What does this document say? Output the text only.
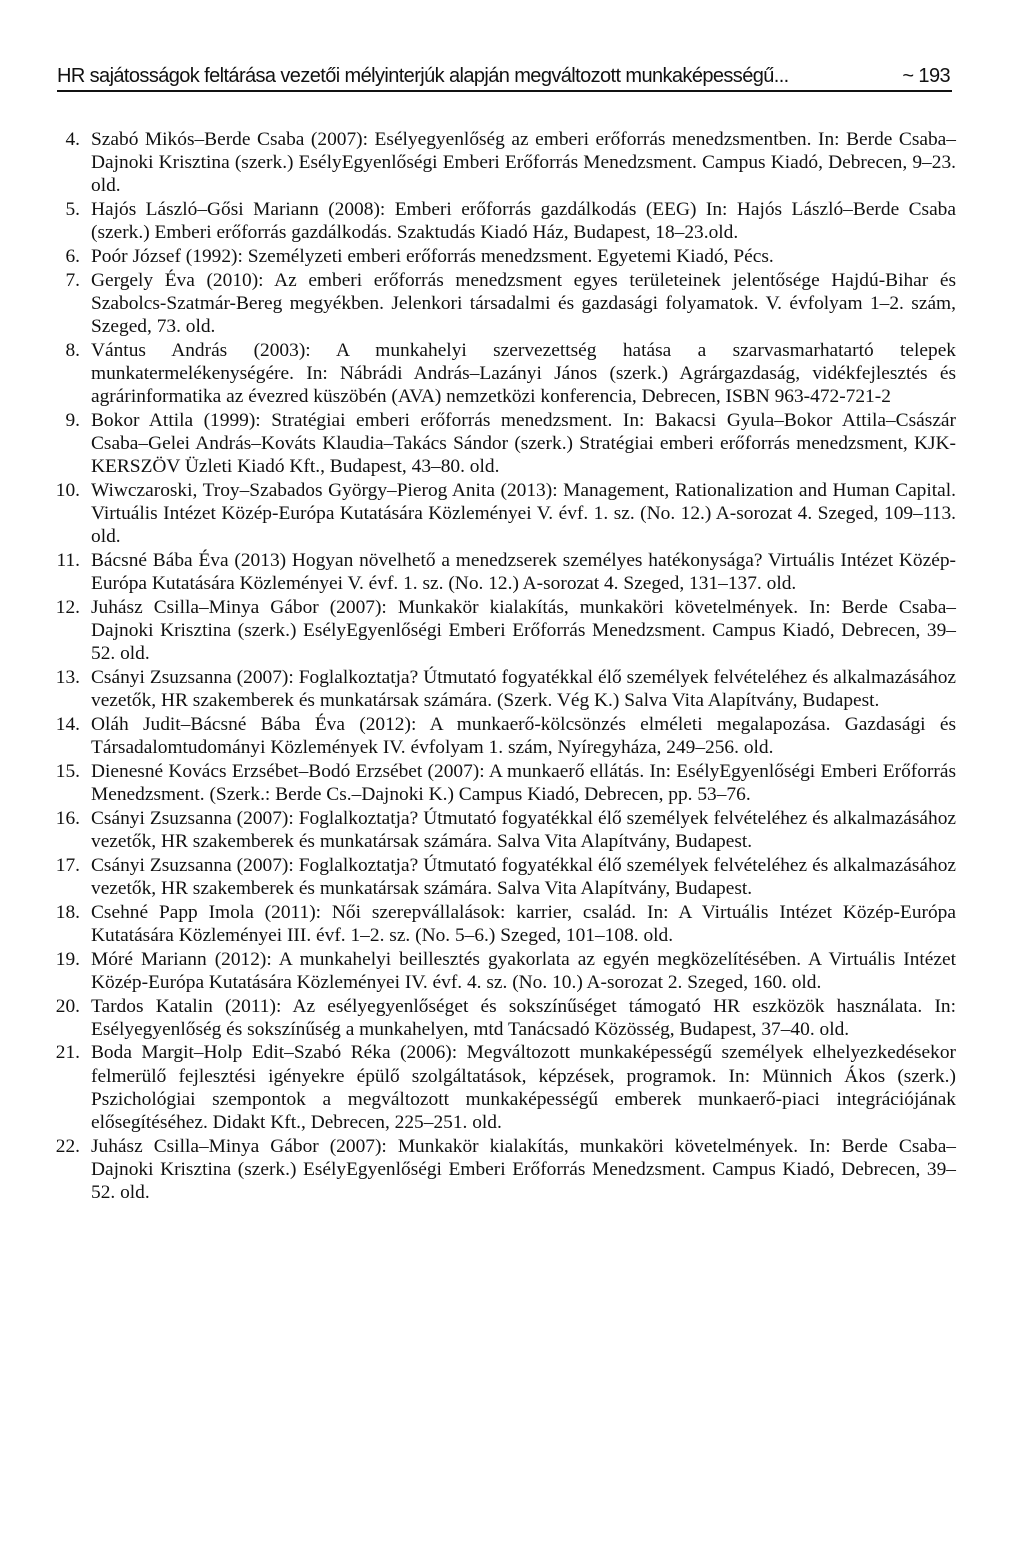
HR sajátosságok feltárása vezetői mélyinterjúk alapján megváltozott munkaképességű...	~ 193
4. Szabó Mikós–Berde Csaba (2007): Esélyegyenlőség az emberi erőforrás menedzsmentben. In: Berde Csaba–Dajnoki Krisztina (szerk.) EsélyEgyenlőségi Emberi Erőforrás Menedzsment. Campus Kiadó, Debrecen, 9–23. old.
5. Hajós László–Gősi Mariann (2008): Emberi erőforrás gazdálkodás (EEG) In: Hajós László–Berde Csaba (szerk.) Emberi erőforrás gazdálkodás. Szaktudás Kiadó Ház, Budapest, 18–23.old.
6. Poór József (1992): Személyzeti emberi erőforrás menedzsment. Egyetemi Kiadó, Pécs.
7. Gergely Éva (2010): Az emberi erőforrás menedzsment egyes területeinek jelentősége Hajdú-Bihar és Szabolcs-Szatmár-Bereg megyékben. Jelenkori társadalmi és gazdasági folyamatok. V. évfolyam 1–2. szám, Szeged, 73. old.
8. Vántus András (2003): A munkahelyi szervezettség hatása a szarvasmarhatartó telepek munkatermelékenységére. In: Nábrádi András–Lazányi János (szerk.) Agrárgazdaság, vidékfejlesztés és agrárinformatika az évezred küszöbén (AVA) nemzetközi konferencia, Debrecen, ISBN 963-472-721-2
9. Bokor Attila (1999): Stratégiai emberi erőforrás menedzsment. In: Bakacsi Gyula–Bokor Attila–Császár Csaba–Gelei András–Kováts Klaudia–Takács Sándor (szerk.) Stratégiai emberi erőforrás menedzsment, KJK-KERSZÖV Üzleti Kiadó Kft., Budapest, 43–80. old.
10. Wiwczaroski, Troy–Szabados György–Pierog Anita (2013): Management, Rationalization and Human Capital. Virtuális Intézet Közép-Európa Kutatására Közleményei V. évf. 1. sz. (No. 12.) A-sorozat 4. Szeged, 109–113. old.
11. Bácsné Bába Éva (2013) Hogyan növelhető a menedzserek személyes hatékonysága? Virtuális Intézet Közép-Európa Kutatására Közleményei V. évf. 1. sz. (No. 12.) A-sorozat 4. Szeged, 131–137. old.
12. Juhász Csilla–Minya Gábor (2007): Munkakör kialakítás, munkaköri követelmények. In: Berde Csaba–Dajnoki Krisztina (szerk.) EsélyEgyenlőségi Emberi Erőforrás Menedzsment. Campus Kiadó, Debrecen, 39–52. old.
13. Csányi Zsuzsanna (2007): Foglalkoztatja? Útmutató fogyatékkal élő személyek felvételéhez és alkalmazásához vezetők, HR szakemberek és munkatársak számára. (Szerk. Vég K.) Salva Vita Alapítvány, Budapest.
14. Oláh Judit–Bácsné Bába Éva (2012): A munkaerő-kölcsönzés elméleti megalapozása. Gazdasági és Társadalomtudományi Közlemények IV. évfolyam 1. szám, Nyíregyháza, 249–256. old.
15. Dienesné Kovács Erzsébet–Bodó Erzsébet (2007): A munkaerő ellátás. In: EsélyEgyenlőségi Emberi Erőforrás Menedzsment. (Szerk.: Berde Cs.–Dajnoki K.) Campus Kiadó, Debrecen, pp. 53–76.
16. Csányi Zsuzsanna (2007): Foglalkoztatja? Útmutató fogyatékkal élő személyek felvételéhez és alkalmazásához vezetők, HR szakemberek és munkatársak számára. Salva Vita Alapítvány, Budapest.
17. Csányi Zsuzsanna (2007): Foglalkoztatja? Útmutató fogyatékkal élő személyek felvételéhez és alkalmazásához vezetők, HR szakemberek és munkatársak számára. Salva Vita Alapítvány, Budapest.
18. Csehné Papp Imola (2011): Női szerepvállalások: karrier, család. In: A Virtuális Intézet Közép-Európa Kutatására Közleményei III. évf. 1–2. sz. (No. 5–6.) Szeged, 101–108. old.
19. Móré Mariann (2012): A munkahelyi beillesztés gyakorlata az egyén megközelítésében. A Virtuális Intézet Közép-Európa Kutatására Közleményei IV. évf. 4. sz. (No. 10.) A-sorozat 2. Szeged, 160. old.
20. Tardos Katalin (2011): Az esélyegyenlőséget és sokszínűséget támogató HR eszközök használata. In: Esélyegyenlőség és sokszínűség a munkahelyen, mtd Tanácsadó Közösség, Budapest, 37–40. old.
21. Boda Margit–Holp Edit–Szabó Réka (2006): Megváltozott munkaképességű személyek elhelyezkedésekor felmerülő fejlesztési igényekre épülő szolgáltatások, képzések, programok. In: Münnich Ákos (szerk.) Pszichológiai szempontok a megváltozott munkaképességű emberek munkaerő-piaci integrációjának elősegítéséhez. Didakt Kft., Debrecen, 225–251. old.
22. Juhász Csilla–Minya Gábor (2007): Munkakör kialakítás, munkaköri követelmények. In: Berde Csaba–Dajnoki Krisztina (szerk.) EsélyEgyenlőségi Emberi Erőforrás Menedzsment. Campus Kiadó, Debrecen, 39–52. old.
